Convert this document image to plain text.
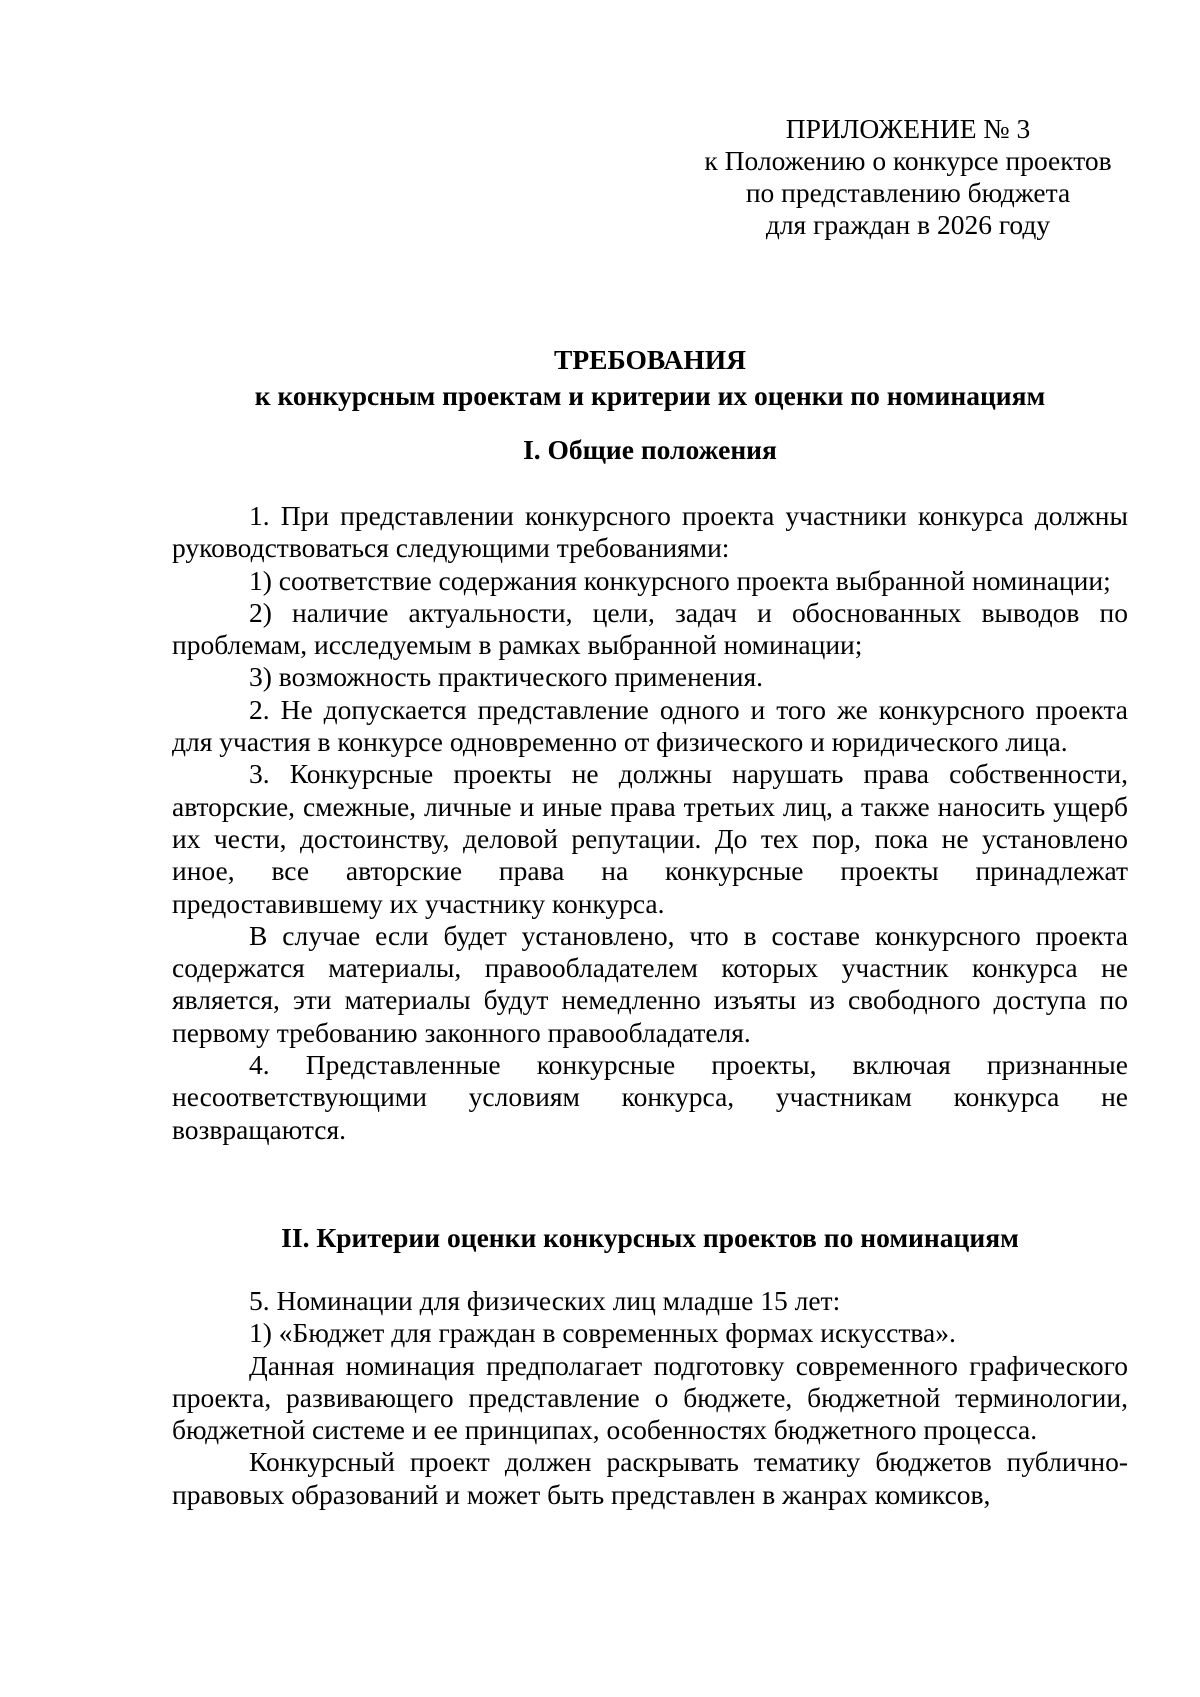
ПРИЛОЖЕНИЕ № 3
к Положению о конкурсе проектов
по представлению бюджета
для граждан в 2026 году
ТРЕБОВАНИЯ
к конкурсным проектам и критерии их оценки по номинациям
I. Общие положения

1. При представлении конкурсного проекта участники конкурса должны руководствоваться следующими требованиями:

1) соответствие содержания конкурсного проекта выбранной номинации;

2) наличие актуальности, цели, задач и обоснованных выводов по проблемам, исследуемым в рамках выбранной номинации;

3) возможность практического применения.

2. Не допускается представление одного и того же конкурсного проекта для участия в конкурсе одновременно от физического и юридического лица.

3. Конкурсные проекты не должны нарушать права собственности, авторские, смежные, личные и иные права третьих лиц, а также наносить ущерб их чести, достоинству, деловой репутации. До тех пор, пока не установлено иное, все авторские права на конкурсные проекты принадлежат предоставившему их участнику конкурса.

В случае если будет установлено, что в составе конкурсного проекта содержатся материалы, правообладателем которых участник конкурса не является, эти материалы будут немедленно изъяты из свободного доступа по первому требованию законного правообладателя.

4. Представленные конкурсные проекты, включая признанные несоответствующими условиям конкурса, участникам конкурса не возвращаются.

II. Критерии оценки конкурсных проектов по номинациям

5. Номинации для физических лиц младше 15 лет:

1) «Бюджет для граждан в современных формах искусства».

Данная номинация предполагает подготовку современного графического проекта, развивающего представление о бюджете, бюджетной терминологии, бюджетной системе и ее принципах, особенностях бюджетного процесса.

Конкурсный проект должен раскрывать тематику бюджетов публично-правовых образований и может быть представлен в жанрах комиксов,
